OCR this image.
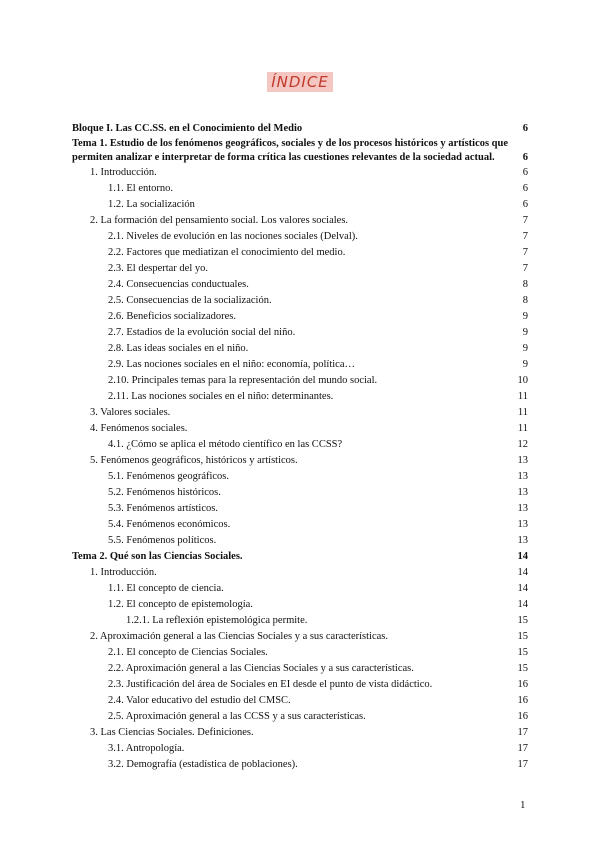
ÍNDICE
Bloque I. Las CC.SS. en el Conocimiento del Medio	6
Tema 1. Estudio de los fenómenos geográficos, sociales y de los procesos históricos y artísticos que permiten analizar e interpretar de forma crítica las cuestiones relevantes de la sociedad actual.	6
1. Introducción.	6
1.1. El entorno.	6
1.2. La socialización	6
2. La formación del pensamiento social. Los valores sociales.	7
2.1. Niveles de evolución en las nociones sociales (Delval).	7
2.2. Factores que mediatizan el conocimiento del medio.	7
2.3. El despertar del yo.	7
2.4. Consecuencias conductuales.	8
2.5. Consecuencias de la socialización.	8
2.6. Beneficios socializadores.	9
2.7. Estadios de la evolución social del niño.	9
2.8. Las ideas sociales en el niño.	9
2.9. Las nociones sociales en el niño: economía, política…	9
2.10. Principales temas para la representación del mundo social.	10
2.11. Las nociones sociales en el niño: determinantes.	11
3. Valores sociales.	11
4. Fenómenos sociales.	11
4.1. ¿Cómo se aplica el método científico en las CCSS?	12
5. Fenómenos geográficos, históricos y artísticos.	13
5.1. Fenómenos geográficos.	13
5.2. Fenómenos históricos.	13
5.3. Fenómenos artísticos.	13
5.4. Fenómenos económicos.	13
5.5. Fenómenos políticos.	13
Tema 2. Qué son las Ciencias Sociales.	14
1. Introducción.	14
1.1. El concepto de ciencia.	14
1.2. El concepto de epistemología.	14
1.2.1. La reflexión epistemológica permite.	15
2. Aproximación general a las Ciencias Sociales y a sus características.	15
2.1. El concepto de Ciencias Sociales.	15
2.2. Aproximación general a las Ciencias Sociales y a sus características.	15
2.3. Justificación del área de Sociales en EI desde el punto de vista didáctico.	16
2.4. Valor educativo del estudio del CMSC.	16
2.5. Aproximación general a las CCSS y a sus características.	16
3. Las Ciencias Sociales. Definiciones.	17
3.1. Antropología.	17
3.2. Demografía (estadística de poblaciones).	17
1
